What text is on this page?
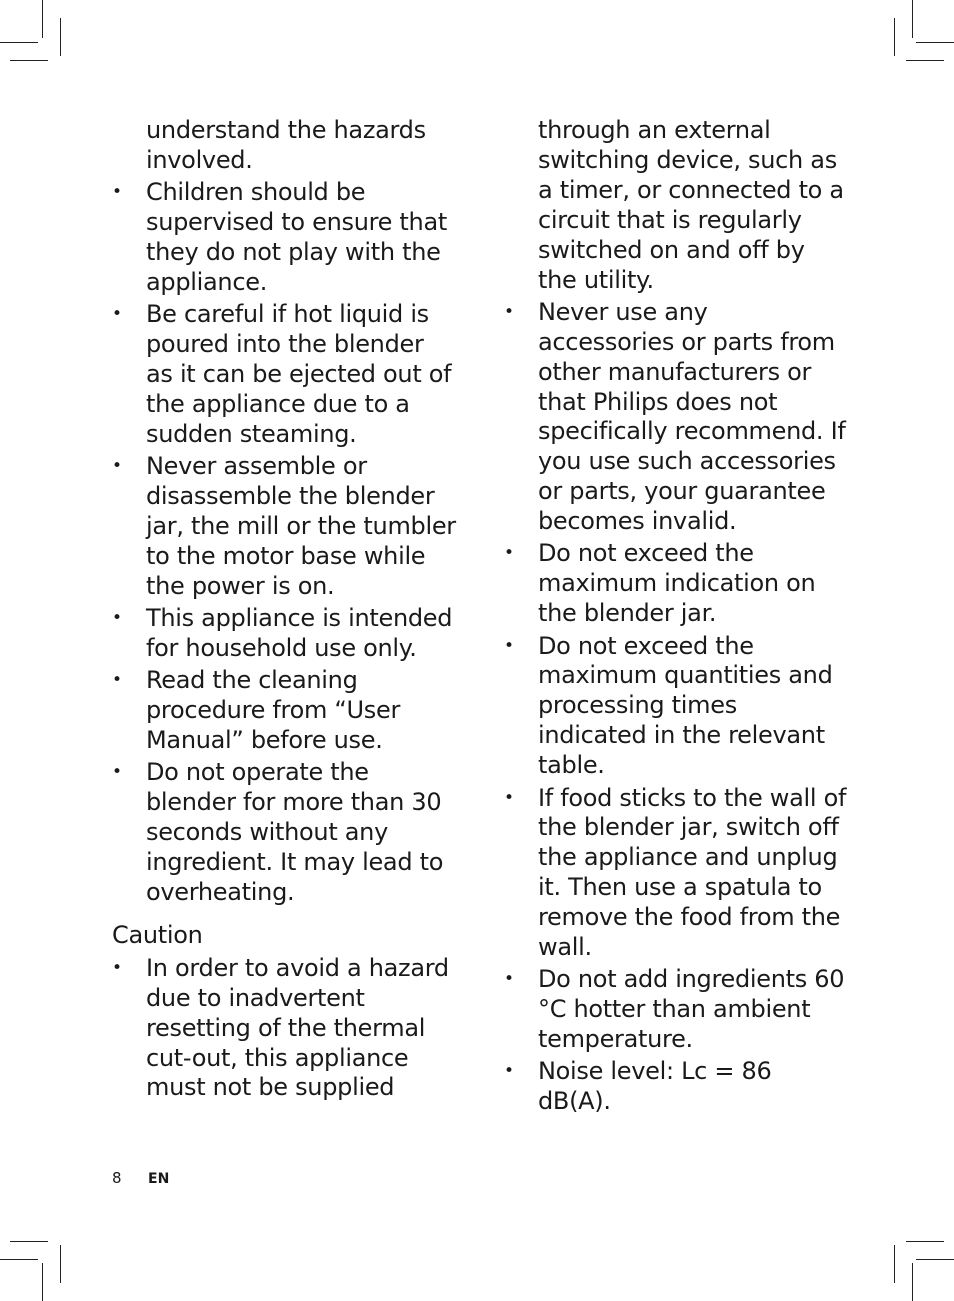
understand the hazards involved.

• Children should be supervised to ensure that they do not play with the appliance.

• Be careful if hot liquid is poured into the blender as it can be ejected out of the appliance due to a sudden steaming.

• Never assemble or disassemble the blender jar, the mill or the tumbler to the motor base while the power is on.

• This appliance is intended for household use only.

• Read the cleaning procedure from “User Manual” before use.

• Do not operate the blender for more than 30 seconds without any ingredient. It may lead to overheating.

Caution

• In order to avoid a hazard due to inadvertent resetting of the thermal cut-out, this appliance must not be supplied

through an external switching device, such as a timer, or connected to a circuit that is regularly switched on and off by the utility.

• Never use any accessories or parts from other manufacturers or that Philips does not specifically recommend. If you use such accessories or parts, your guarantee becomes invalid.

• Do not exceed the maximum indication on the blender jar.

• Do not exceed the maximum quantities and processing times indicated in the relevant table.

• If food sticks to the wall of the blender jar, switch off the appliance and unplug it. Then use a spatula to remove the food from the wall.

• Do not add ingredients 60 °C hotter than ambient temperature.

• Noise level: Lc = 86 dB(A).

8 EN
